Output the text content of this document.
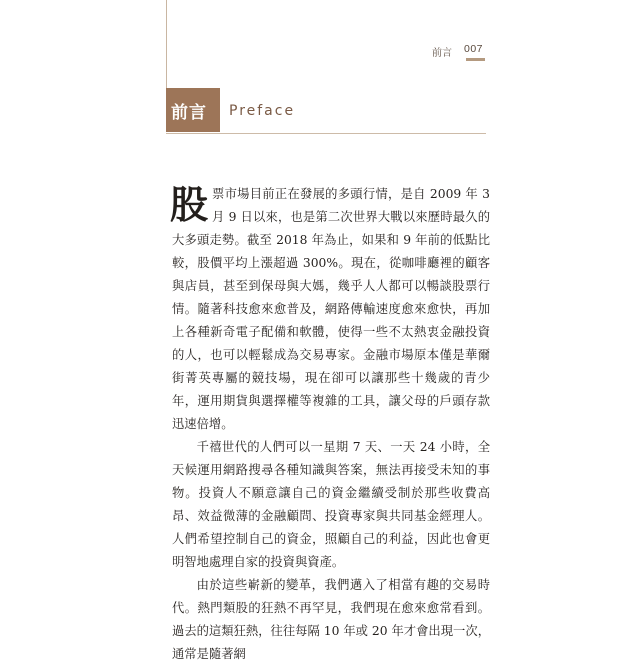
前言 007
前言 Preface

股票市場目前正在發展的多頭行情，是自 2009 年 3 月 9 日以來，也是第二次世界大戰以來歷時最久的大多頭走勢。截至 2018 年為止，如果和 9 年前的低點比較，股價平均上漲超過 300%。現在，從咖啡廳裡的顧客與店員，甚至到保母與大媽，幾乎人人都可以暢談股票行情。隨著科技愈來愈普及，網路傳輸速度愈來愈快，再加上各種新奇電子配備和軟體，使得一些不太熱衷金融投資的人，也可以輕鬆成為交易專家。金融市場原本僅是華爾街菁英專屬的競技場，現在卻可以讓那些十幾歲的青少年，運用期貨與選擇權等複雜的工具，讓父母的戶頭存款迅速倍增。

千禧世代的人們可以一星期 7 天、一天 24 小時，全天候運用網路搜尋各種知識與答案，無法再接受未知的事物。投資人不願意讓自己的資金繼續受制於那些收費高昂、效益微薄的金融顧問、投資專家與共同基金經理人。人們希望控制自己的資金，照顧自己的利益，因此也會更明智地處理自家的投資與資產。

由於這些嶄新的變革，我們邁入了相當有趣的交易時代。熱門類股的狂熱不再罕見，我們現在愈來愈常看到。過去的這類狂熱，往往每隔 10 年或 20 年才會出現一次，通常是隨著網
